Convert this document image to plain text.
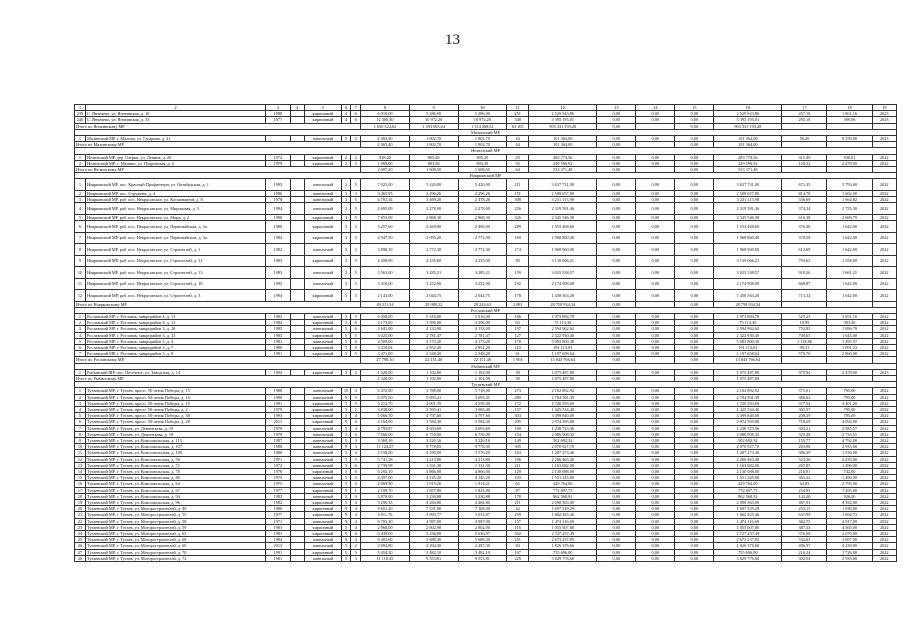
13
1	2	3	4	5	6	7	8	9	10	11	12	13	14	15	16	17	18	19
239	С. Янчеяево, ул. Янчеявская, д. 16	1988		кирпичный	4	6	6 018,00	5 286,00	5 286,00	251	2 529 943,86	0,00	0,00	0,00	2 529 943,86	457,18	1 861,16	2023
240	С. Янчеяево, ул. Янчеявская, д. 33	1977		кирпичный	4	6	12 300,30	10 972,20	10 972,20	548	3 395 195,01	0,00	0,00	0,00	3 395 195,01	295,18	399,06	2023
Итого по Янчеявскому МР							1 650 524,62	1 393 063,04	1 314 368,61	63 165	903 331 193,28	0,00		0,00	903 331 193,28			
Малинский МР																		
1	Малинский МР, г. Малина, ул. Гагарина, д. 21			панельный	5	2	2 403,40	1 802,70	1 802,70	44	101 364,00	0,00	0,00	0,00	101 364,00	56,20	8 259,00	2023
Итого по Малинскому МР							2 403,40	1 802,70	1 802,70	44	101 364,00	0,00		0,00	101 364,00			
Нелючский МР																		
1	Нелючский МР, дер. Озерки, ул. Ленина, д. 20	1972		кирпичный	2	2	938,20	805,20	805,20	29	283 774,56	0,00	0,00	0,00	283 774,56	315,49	930,01	2022
2	Нелючский МР, с. Малино, ул. Покровская, д. 2	1979		кирпичный	2	3	1 069,00	803,30	803,30	35	249 596,92	0,00	0,00	0,00	249 596,92	120,32	2 278,00	2022
Итого по Нелючскому МР							2 007,20	1 608,50	1 608,50	64	533 371,48	0,00		0,00	533 371,48			
Ноярковский МР																		
1	Ноярковский МР, пос. Красный Профинтерн, ул. Октябрьская, д. 1	1995		панельный	3	5	7 025,00	5 420,00	5 420,00	211	3 637 731,00	0,00	0,00	0,00	3 637 731,00	671,35	5 793,00	2022
2	Ноярковский МР, пос. Стружень, д. 4	1986		панельный	3	3	3 465,95	2 296,26	2 296,26	151	2 508 657,80	0,00	0,00	0,00	2 508 657,80	814,78	1 662,00	2022
3	Ноярковский МР, раб. пос. Некрасовское, ул. Космонавтов, д. 8	1978		панельный	3	5	4 781,34	3 469,20	2 478,26	308	3 231 113,98	0,00	0,00	0,00	3 231 113,98	536,69	1 664,82	2022
4	Ноярковский МР, раб. пос. Некрасовское, ул. Мирсковая, д. 3	1994		панельный	3	5	2 695,09	2 278,00	2 278,00	256	2 319 581,46	0,00	0,00	0,00	2 319 581,46	374,34	2 755,30	2022
5	Ноярковский МР, раб. пос. Некрасовское, ул. Мира, д. 2	1986		кирпичный	3	5	7 853,09	2 868,30	2 868,30	326	2 345 546,38	0,00	0,00	0,00	2 345 546,38	616,38	2 669,79	2022
6	Ноярковский МР, раб. пос. Некрасовское, ул. Первомайская, д. 3а	1980		кирпичный	3	3	3 257,60	2 469,00	2 469,00	289	1 553 468,60	0,00	0,00	0,00	1 553 468,60	376,48	1 642,00	2022
7	Ноярковский МР, раб. пос. Некрасовское, ул. Первомайская, д. 3а	1982		кирпичный	3	3	2 947,50	2 095,20	2 772,00	169	1 968 860,40	0,00	0,00	0,00	1 968 860,40	378,58	1 642,00	2022
8	Ноярковский МР, раб. пос. Некрасовское, ул. Строителей, д. 1	1982		панельный	3	3	3 898,39	2 772,30	2 772,30	174	1 968 960,00	0,00	0,00	0,00	1 968 960,00	612,69	1 642,00	2022
9	Ноярковский МР, раб. пос. Некрасовское, ул. Строителей, д. 11	1983		кирпичный	3	5	4 458,99	4 235,00	4 235,00	80	3 139 066,21	0,00	0,00	0,00	3 139 066,21	793,65	1 558,00	2022
10	Ноярковский МР, раб. пос. Некрасовское, ул. Строителей, д. 13	1983		панельный	3	5	3 563,00	3 285,21	3 285,21	159	3 025 538,57	0,00	0,00	0,00	3 025 538,57	918,26	1 661,21	2022
11	Ноярковский МР, раб. пос. Некрасовское, ул. Строителей, д. 18	1993		панельный	3	5	3 410,00	3 252,00	3 252,00	192	2 174 908,00	0,00	0,00	0,00	2 174 908,00	668,87	1 642,00	2022
12	Ноярковский МР, раб. пос. Некрасовское, ул. Строителей, д. 3	1994		кирпичный	3	3	2 143,00	2 044,75	2 044,75	178	1 458 563,20	0,00	0,00	0,00	1 458 563,20	713,32	1 642,00	2022
Итого по Ноярковскому МР							49 211,34	29 989,22	29 226,63	2 081	28 758 934,34	0,00		0,00	28 758 934,34			
Рославский МР																		
1	Рославский МР, г. Рославль, микрорайон 4, д. 13	1983		панельный	5	5	6 358,00	5 316,00	5 316,00	186	1 973 884,78	0,00	0,00	0,00	1 973 884,78	525,23	3 851,16	2022
2	Рославский МР, г. Рославль, микрорайон 4, д. 13	1984		кирпичный	5	6	4 173,00	3 396,00	3 396,00	63	75 114,30	0,00	0,00	0,00	75 114,30	10,95	393,36	2022
3	Рославский МР, г. Рославль, микрорайон 3, д. 26	1985		панельный	5	6	4 841,00	4 133,00	4 133,00	197	2 594 962,62	0,00	0,00	0,00	2 594 962,62	752,85	1 696,79	2022
4	Рославский МР, г. Рославль, микрорайон 3, д. 33	1983		кирпичный	5	5	3 025,00	2 781,47	2 781,47	127	2 322 930,40	0,00	0,00	0,00	2 322 930,40	700,65	1 643,00	2022
5	Рославский МР, г. Рославль, микрорайон 3, д. 4	1981		панельный	5	6	4 509,00	4 173,20	4 173,20	178	5 083 800,30	0,00	0,00	0,00	5 083 800,30	1 118,86	1 495,57	2022
6	Рославский МР, г. Рославль, микрорайон 3, д. 7	1980		кирпичный	5	6	3 310,04	2 852,20	2 852,20	110	191 113,03	0,00	0,00	0,00	191 113,03	99,31	1 091,23	2022
7	Рославский МР, г. Рославль, микрорайон 3, д. 8	1981		кирпичный	5	5	3 471,00	2 348,20	2 348,20	61	1 197 658,64	0,00	0,00	0,00	1 197 658,64	570,70	2 860,00	2022
Итого по Рославскому МР							27 798,10	22 151,40	22 151,40	1 904	13 843 766,64	0,00		0,00	13 843 766,64			
Рыбинский МР																		
1	Рыбинский МР, пос. Песочное, ул. Заводская, д. 14	1994		кирпичный	3	2	1 320,00	1 102,00	1 102,00	39	1 075 487,80	0,00	0,00	0,00	1 075 487,80	975,94	2 478,00	2023
Итого по Рыбинскому МР							1 320,00	1 102,00	1 102,00	39	1 075 487,80	0,00		0,00	1 075 487,80			
Тутаевский МР																		
1	Тутаевский МР, г. Тутаев, просп. 50-летия Победы, д. 15	1988		панельный	10	3	6 472,00	3 788,00	5 718,00	273	2 162 892,92	0,00	0,00	0,00	2 162 892,92	375,01	795,00	2022
2	Тутаевский МР, г. Тутаев, просп. 50-летия Победы, д. 16	1990		панельный	9	5	6 975,50	5 693,41	5 693,41	280	2 704 501,39	0,00	0,00	0,00	2 704 501,39	386,62	795,00	2022
3	Тутаевский МР, г. Тутаев, просп. 50-летия Победы, д. 19	1991		кирпичный	5	5	5 212,70	4 001,70	4 558,30	172	1 720 593,60	0,00	0,00	0,00	1 720 593,60	377,54	4 401,20	2022
4	Тутаевский МР, г. Тутаев, просп. 50-летия Победы, д. 2	1979		кирпичный	5	2	3 838,00	3 595,41	3 065,40	157	1 425 534,40	0,00	0,00	0,00	1 425 534,40	365,57	795,00	2022
5	Тутаевский МР, г. Тутаев, просп. 50-летия Победы, д. 38	1993		кирпичный	5	4	5 066,50	4 797,60	4 797,60	304	3 399 840,00	0,00	0,00	0,00	3 399 840,00	208,29	795,00	2022
6	Тутаевский МР, г. Тутаев, просп. 50-летия Победы, д. 28	2011		кирпичный	9	4	4 164,00	3 584,30	3 584,30	205	2 974 395,80	0,00	0,00	0,00	2 974 395,80	718,29	4 094,00	2022
7	Тутаевский МР, г. Тутаев, ул. Дементьева, д. 19	1979		панельный	5	4	4 795,87	4 693,69	4 693,69	100	1 238 723,36	0,00	0,00	0,00	1 238 723,36	303,21	2 585,57	2022
8	Тутаевский МР, г. Тутаев, ул. Дементьева, д. 19	1979		панельный	5	6	7 560,00	6 750,00	6 750,00	154	2 086 908,32	0,00	0,00	0,00	2 086 908,32	325,48	2 733,51	2022
9	Тутаевский МР, г. Тутаев, ул. Комсомольская, д. 113	1987		панельный	5	3	3 369,16	3 220,16	3 220,16	149	502 692,32	0,00	0,00	0,00	502 692,32	155,77	4 792,00	2022
10	Тутаевский МР, г. Тутаев, ул. Комсомольская, д. 107	1988		панельный	9	3	11 124,47	9 778,05	9 778,05	395	2 070 927,70	0,00	0,00	0,00	2 070 927,70	203,98	2 935,00	2022
11	Тутаевский МР, г. Тутаев, ул. Комсомольская, д. 109	1986		панельный	5	4	5 158,00	4 190,00	3 576,20	163	1 287 273,46	0,00	0,00	0,00	1 287 273,46	306,29	1 536,00	2022
12	Тутаевский МР, г. Тутаев, ул. Комсомольская, д. 58	1971		панельный	5	5	5 741,58	4 213,80	4 213,80	196	2 206 463,40	0,00	0,00	0,00	2 206 463,40	523,36	2 233,00	2022
13	Тутаевский МР, г. Тутаев, ул. Комсомольская, д. 72	1972		панельный	5	6	2 739,98	1 331,30	1 331,30	211	1 163 682,00	0,00	0,00	0,00	1 163 682,00	207,85	1 496,00	2022
14	Тутаевский МР, г. Тутаев, ул. Комсомольская, д. 78	1976		кирпичный	5	6	6 292,10	4 866,00	4 866,00	129	2 130 088,00	0,00	0,00	0,00	2 130 088,00	216,81	742,00	2022
15	Тутаевский МР, г. Тутаев, ул. Комсомольская, д. 80	1975		панельный	5	3	4 397,00	4 145,20	4 145,20	103	1 551 245,80	0,00	0,00	0,00	1 551 245,80	365,22	1 490,00	2022
16	Тутаевский МР, г. Тутаев, ул. Комсомольская, д. 64	1975		панельный	5	3	2 069,90	1 915,20	1 914,21	65	429 764,00	0,00	0,00	0,00	429 764,00	64,83	2 795,00	2022
17	Тутаевский МР, г. Тутаев, ул. Комсомольская, д. 67	1977		кирпичный	9	1	2 109,70	1 857,80	1 823,80	87	772 897,75	0,00	0,00	0,00	772 897,75	234,95	1 495,00	2022
18	Тутаевский МР, г. Тутаев, ул. Комсомольская, д. 94	1983		панельный	2	3	3 870,00	3 230,88	3 230,88	178	862 568,92	0,00	0,00	0,00	862 568,92	143,26	926,00	2022
19	Тутаевский МР, г. Тутаев, ул. Комсомольская, д. 96	1982		кирпичный	5	4	5 290,35	4 284,80	4 284,80	211	2 090 563,00	0,00	0,00	0,00	2 090 563,00	487,93	4 182,00	2022
20	Тутаевский МР, г. Тутаев, ул. Моторостроителей, д. 49	1980		кирпичный	9	4	9 651,20	7 531,90	7 168,30	42	1 697 529,29	0,00	0,00	0,00	1 697 529,29	253,15	1 930,00	2022
21	Тутаевский МР, г. Тутаев, ул. Моторостроителей, д. 55	1977		кирпичный	9	4	4 811,76	3 993,77	3 033,87	259	1 662 425,46	0,00	0,00	0,00	1 662 425,46	631,99	1 694,73	2022
22	Тутаевский МР, г. Тутаев, ул. Моторостроителей, д. 58	1971		панельный	9	4	6 703,10	4 987,00	4 987,00	157	1 474 116,69	0,00	0,00	0,00	1 474 116,69	362,75	4 917,09	2022
23	Тутаевский МР, г. Тутаев, ул. Моторостроителей, д. 59	1981		кирпичный	5	4	2 968,00	2 802,90	2 802,90	116	1 055 607,80	0,00	0,00	0,00	1 055 607,80	387,33	4 565,00	2022
24	Тутаевский МР, г. Тутаев, ул. Моторостроителей, д. 65	1981		кирпичный	9	4	6 439,00	5 236,08	5 636,97	302	2 727 237,49	0,00	0,00	0,00	2 727 237,49	376,08	2 070,00	2022
25	Тутаевский МР, г. Тутаев, ул. Моторостроителей, д. 68	1984		панельный	9	4	6 403,60	5 689,30	5 689,30	251	2 673 237,85	0,00	0,00	0,00	2 673 237,85	532,63	1 697,00	2022
26	Тутаевский МР, г. Тутаев, ул. Моторостроителей, д. 69	2013		панельный	5	2	2 894,80	2 294,30	2 287,30	84	1 826 376,60	0,00	0,00	0,00	1 826 376,60	496,97	4 239,00	2022
27	Тутаевский МР, г. Тутаев, ул. Моторостроителей, д. 70	1991		кирпичный	5	3	5 454,30	3 482,10	3 482,10	167	755 696,00	0,00	0,00	0,00	755 696,00	216,24	1 726,00	2022
28	Тутаевский МР, г. Тутаев, ул. Моторостроителей, д. 72	1981		панельный	5	3	11 118,45	9 553,81	9 553,81	229	3 829 776,60	0,00	0,00	0,00	3 829 776,60	302,54	2 935,00	2022
